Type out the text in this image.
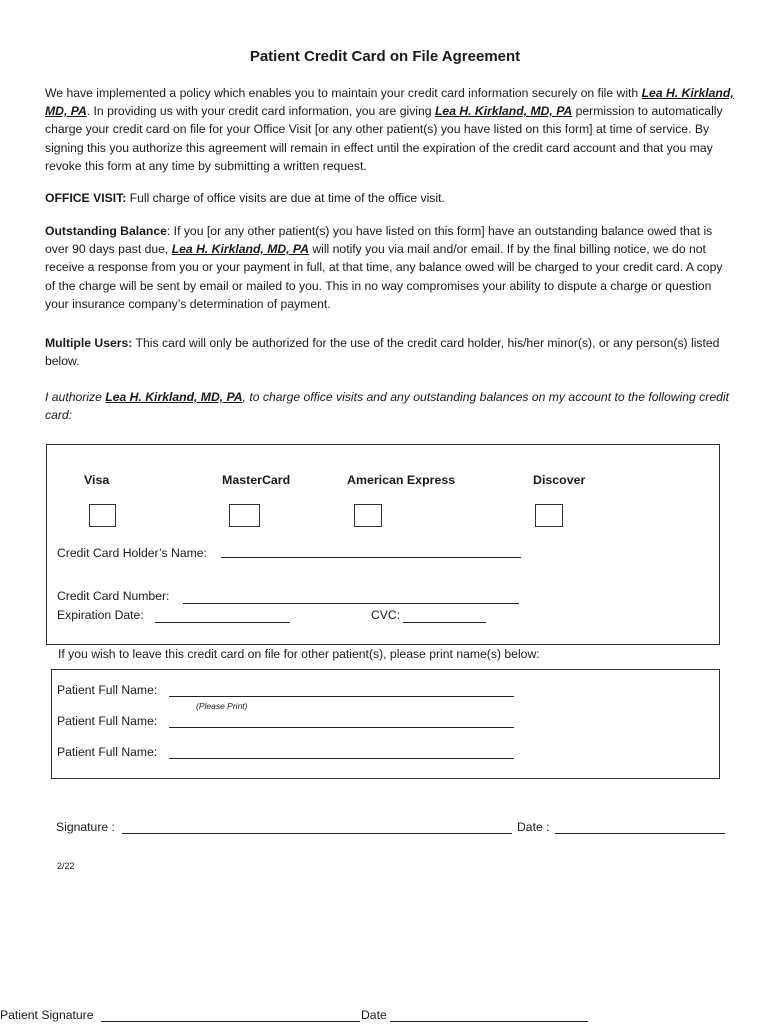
Patient Credit Card on File Agreement
We have implemented a policy which enables you to maintain your credit card information securely on file with Lea H. Kirkland, MD, PA. In providing us with your credit card information, you are giving Lea H. Kirkland, MD, PA permission to automatically charge your credit card on file for your Office Visit [or any other patient(s) you have listed on this form] at time of service. By signing this you authorize this agreement will remain in effect until the expiration of the credit card account and that you may revoke this form at any time by submitting a written request.
OFFICE VISIT: Full charge of office visits are due at time of the office visit.
Outstanding Balance: If you [or any other patient(s) you have listed on this form] have an outstanding balance owed that is over 90 days past due, Lea H. Kirkland, MD, PA will notify you via mail and/or email. If by the final billing notice, we do not receive a response from you or your payment in full, at that time, any balance owed will be charged to your credit card. A copy of the charge will be sent by email or mailed to you. This in no way compromises your ability to dispute a charge or question your insurance company’s determination of payment.
Multiple Users: This card will only be authorized for the use of the credit card holder, his/her minor(s), or any person(s) listed below.
I authorize Lea H. Kirkland, MD, PA, to charge office visits and any outstanding balances on my account to the following credit card:
Visa	MasterCard	American Express	Discover
Credit Card Holder’s Name:
Credit Card Number:
Expiration Date:	CVC:
If you wish to leave this credit card on file for other patient(s), please print name(s) below:
Patient Full Name:
(Please Print)
Patient Full Name:
Patient Full Name:
Signature :	Date :
2/22
Patient Signature	Date
